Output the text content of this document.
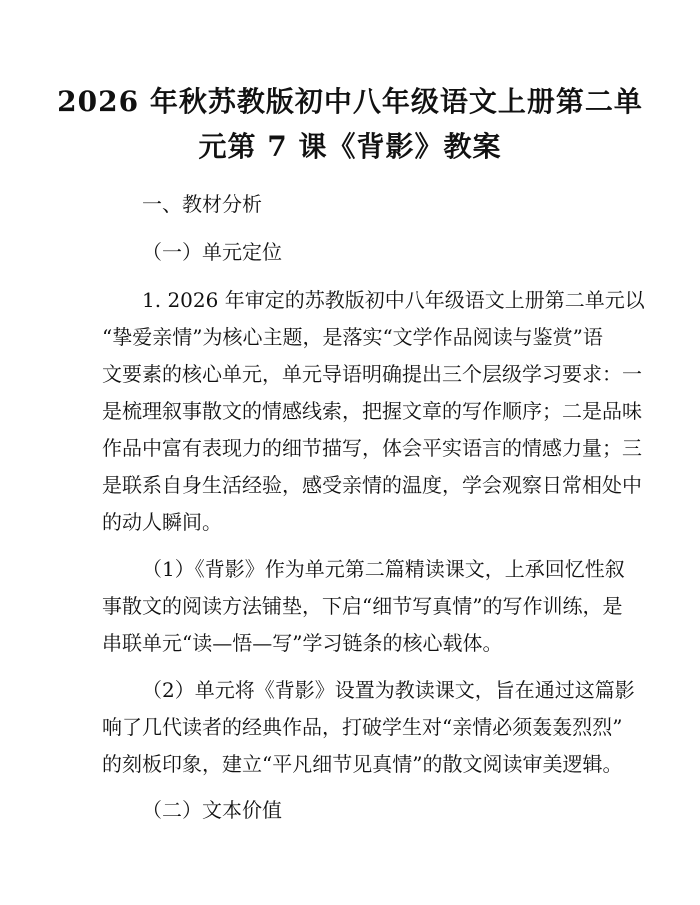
2026 年秋苏教版初中八年级语文上册第二单
元第 7 课《背影》教案
一、教材分析
（一）单元定位
1. 2026 年审定的苏教版初中八年级语文上册第二单元以
“挚爱亲情”为核心主题，是落实“文学作品阅读与鉴赏”语
文要素的核心单元，单元导语明确提出三个层级学习要求：一
是梳理叙事散文的情感线索，把握文章的写作顺序；二是品味
作品中富有表现力的细节描写，体会平实语言的情感力量；三
是联系自身生活经验，感受亲情的温度，学会观察日常相处中
的动人瞬间。
（1）《背影》作为单元第二篇精读课文，上承回忆性叙
事散文的阅读方法铺垫，下启“细节写真情”的写作训练，是
串联单元“读—悟—写”学习链条的核心载体。
（2）单元将《背影》设置为教读课文，旨在通过这篇影
响了几代读者的经典作品，打破学生对“亲情必须轰轰烈烈”
的刻板印象，建立“平凡细节见真情”的散文阅读审美逻辑。
（二）文本价值
